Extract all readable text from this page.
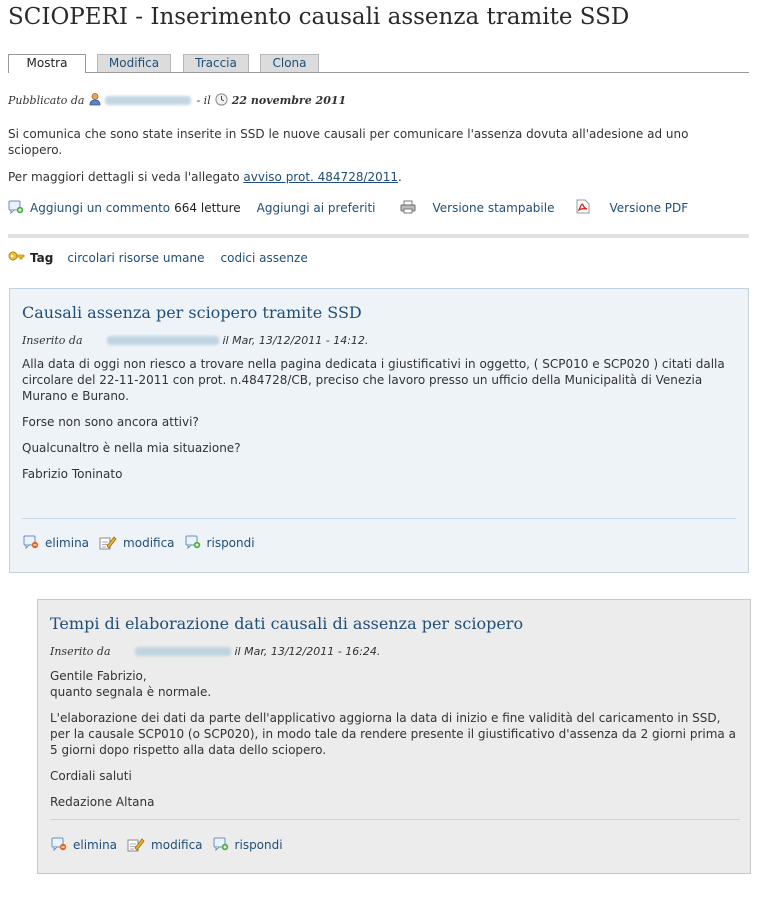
SCIOPERI - Inserimento causali assenza tramite SSD
Mostra	Modifica	Traccia	Clona
Pubblicato da	- il 22 novembre 2011

Si comunica che sono state inserite in SSD le nuove causali per comunicare l'assenza dovuta all'adesione ad uno sciopero.

Per maggiori dettagli si veda l'allegato avviso prot. 484728/2011.

Aggiungi un commento 664 letture Aggiungi ai preferiti	Versione stampabile	Versione PDF
Tag circolari risorse umane codici assenze
Causali assenza per sciopero tramite SSD
Inserito da	il Mar, 13/12/2011 - 14:12.

Alla data di oggi non riesco a trovare nella pagina dedicata i giustificativi in oggetto, ( SCP010 e SCP020 ) citati dalla circolare del 22-11-2011 con prot. n.484728/CB, preciso che lavoro presso un ufficio della Municipalità di Venezia Murano e Burano.

Forse non sono ancora attivi?

Qualcunaltro è nella mia situazione?

Fabrizio Toninato

elimina	modifica	rispondi
Tempi di elaborazione dati causali di assenza per sciopero
Inserito da	il Mar, 13/12/2011 - 16:24.

Gentile Fabrizio,
quanto segnala è normale.

L'elaborazione dei dati da parte dell'applicativo aggiorna la data di inizio e fine validità del caricamento in SSD, per la causale SCP010 (o SCP020), in modo tale da rendere presente il giustificativo d'assenza da 2 giorni prima a 5 giorni dopo rispetto alla data dello sciopero.

Cordiali saluti

Redazione Altana

elimina	modifica	rispondi
